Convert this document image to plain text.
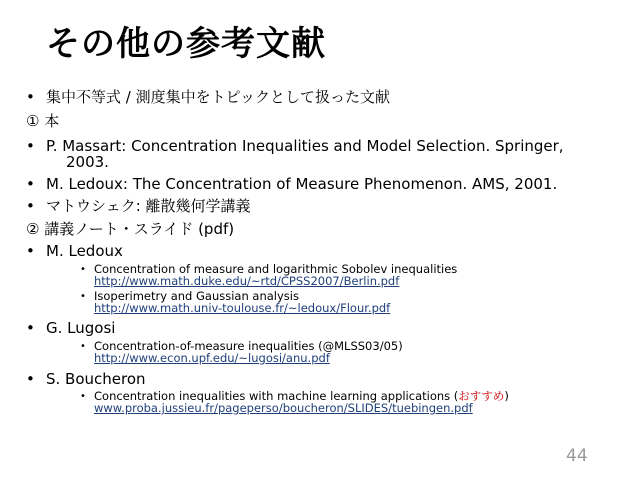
その他の参考文献
• 集中不等式 / 測度集中をトピックとして扱った文献
① 本
• P. Massart: Concentration Inequalities and Model Selection. Springer,
2003.
• M. Ledoux: The Concentration of Measure Phenomenon. AMS, 2001.
• マトウシェク: 離散幾何学講義
② 講義ノート・スライド (pdf)
• M. Ledoux
• Concentration of measure and logarithmic Sobolev inequalities
http://www.math.duke.edu/~rtd/CPSS2007/Berlin.pdf
• Isoperimetry and Gaussian analysis
http://www.math.univ-toulouse.fr/~ledoux/Flour.pdf
• G. Lugosi
• Concentration-of-measure inequalities (@MLSS03/05)
http://www.econ.upf.edu/~lugosi/anu.pdf
• S. Boucheron
• Concentration inequalities with machine learning applications (おすすめ)
www.proba.jussieu.fr/pageperso/boucheron/SLIDES/tuebingen.pdf
44
